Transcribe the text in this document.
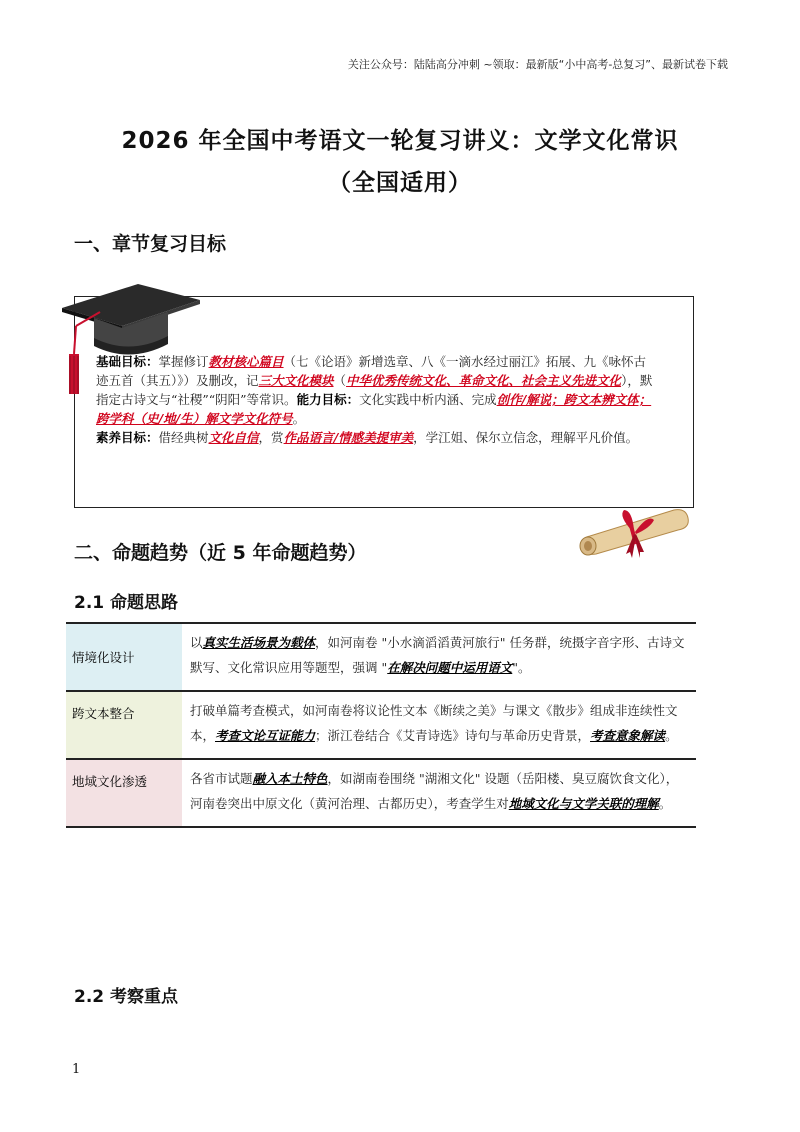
关注公众号：陆陆高分冲刺 ~领取：最新版“小中高考-总复习”、最新试卷下载
2026 年全国中考语文一轮复习讲义：文学文化常识
（全国适用）
一、章节复习目标
基础目标：掌握修订教材核心篇目（七《论语》新增选章、八《一滴水经过丽江》拓展、九《咏怀古迹五首（其五）》）及删改，记三大文化模块（中华优秀传统文化、革命文化、社会主义先进文化），默指定古诗文与“社稷”“阴阳”等常识。能力目标：文化实践中析内涵、完成创作/解说；跨文本辨文体；跨学科（史/地/生）解文学文化符号。
素养目标：借经典树文化自信，赏作品语言/情感美提审美，学江姐、保尔立信念，理解平凡价值。
二、命题趋势（近 5 年命题趋势）
2.1 命题思路
情境化设计	以真实生活场景为载体，如河南卷 "小水滴滔滔黄河旅行" 任务群，统摄字音字形、古诗文默写、文化常识应用等题型，强调 "在解决问题中运用语文"。
跨文本整合	打破单篇考查模式，如河南卷将议论性文本《断续之美》与课文《散步》组成非连续性文本，考查文论互证能力；浙江卷结合《艾青诗选》诗句与革命历史背景，考查意象解读。
地域文化渗透	各省市试题融入本土特色，如湖南卷围绕 "湖湘文化" 设题（岳阳楼、臭豆腐饮食文化），河南卷突出中原文化（黄河治理、古都历史），考查学生对地域文化与文学关联的理解。
2.2 考察重点
1
